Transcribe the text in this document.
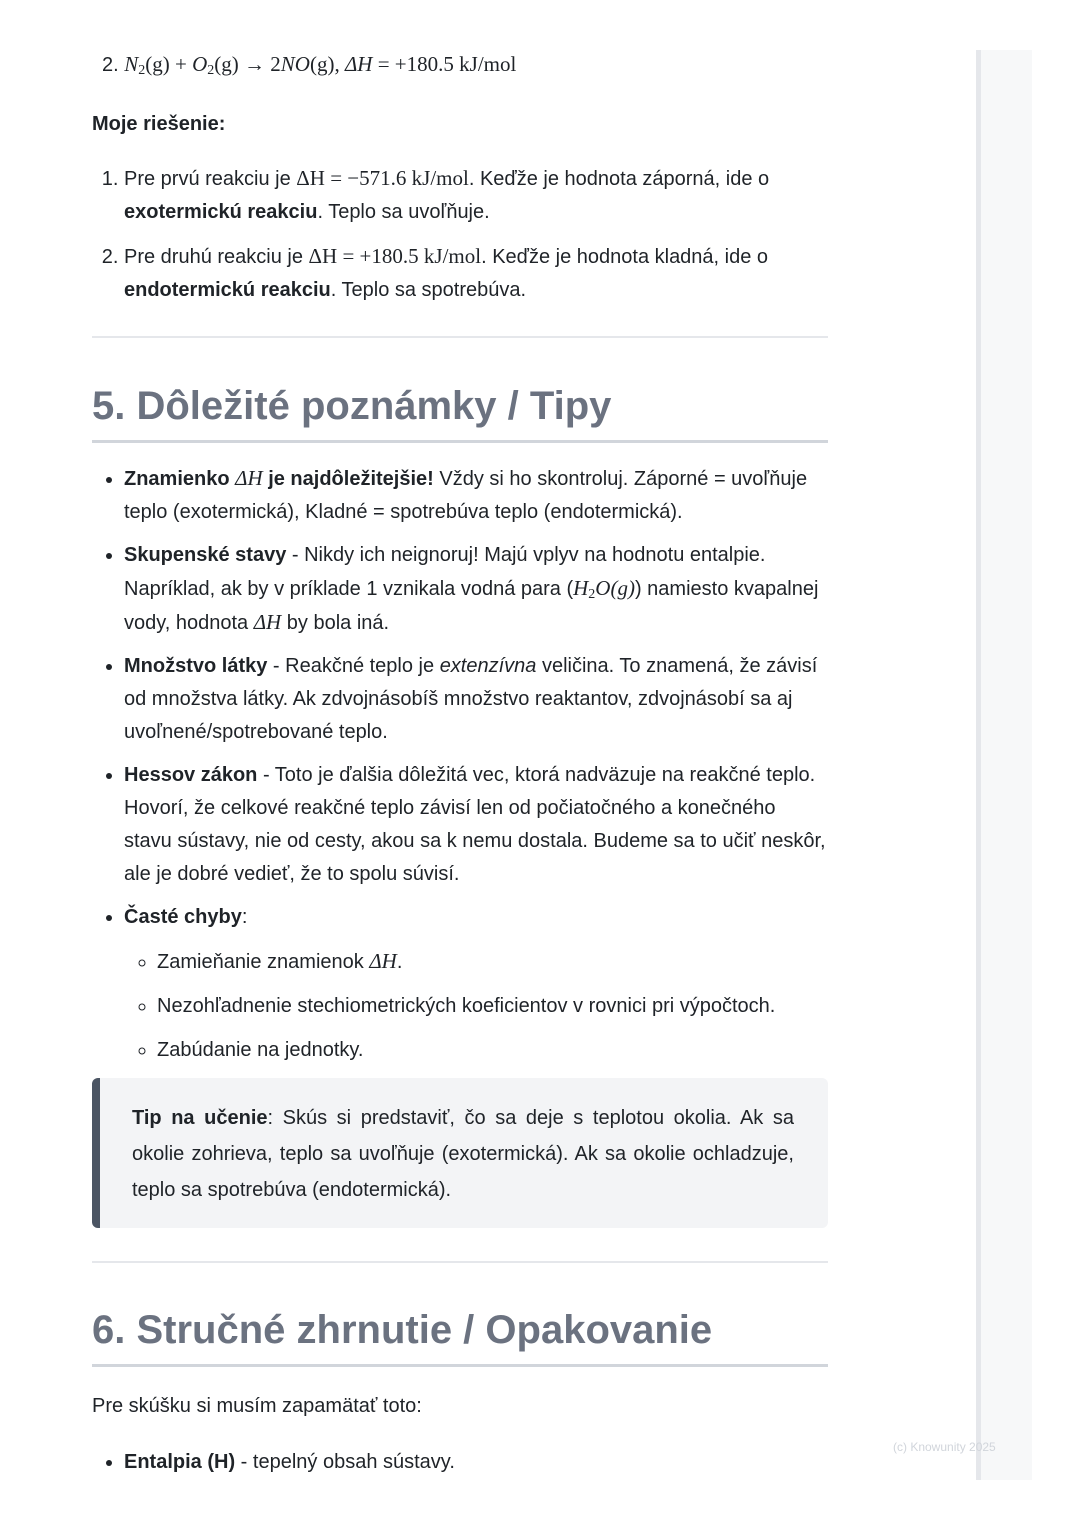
2. $N_2(g) + O_2(g) \to 2NO(g)$, ΔH = +180.5 kJ/mol

Moje riešenie:

1. Pre prvú reakciu je ΔH = −571.6 kJ/mol. Keďže je hodnota záporná, ide o exotermickú reakciu. Teplo sa uvoľňuje.
2. Pre druhú reakciu je ΔH = +180.5 kJ/mol. Keďže je hodnota kladná, ide o endotermickú reakciu. Teplo sa spotrebúva.
5. Dôležité poznámky / Tipy
• Znamienko ΔH je najdôležitejšie! Vždy si ho skontroluj. Záporné = uvoľňuje teplo (exotermická), Kladné = spotrebúva teplo (endotermická).
• Skupenské stavy - Nikdy ich neignoruj! Majú vplyv na hodnotu entalpie. Napríklad, ak by v príklade 1 vznikala vodná para $(H_2O(g))$ namiesto kvapalnej vody, hodnota ΔH by bola iná.
• Množstvo látky - Reakčné teplo je extenzívna veličina. To znamená, že závisí od množstva látky. Ak zdvojnásobíš množstvo reaktantov, zdvojnásobí sa aj uvoľnené/spotrebované teplo.
• Hessov zákon - Toto je ďalšia dôležitá vec, ktorá nadväzuje na reakčné teplo. Hovorí, že celkové reakčné teplo závisí len od počiatočného a konečného stavu sústavy, nie od cesty, akou sa k nemu dostala. Budeme sa to učiť neskôr, ale je dobré vedieť, že to spolu súvisí.
• Časté chyby:
◦ Zamieňanie znamienok ΔH.
◦ Nezohľadnenie stechiometrických koeficientov v rovnici pri výpočtoch.
◦ Zabúdanie na jednotky.

Tip na učenie: Skús si predstaviť, čo sa deje s teplotou okolia. Ak sa okolie zohrieva, teplo sa uvoľňuje (exotermická). Ak sa okolie ochladzuje, teplo sa spotrebúva (endotermická).

6. Stručné zhrnutie / Opakovanie

Pre skúšku si musím zapamätať toto:

• Entalpia (H) - tepelný obsah sústavy.
(c) Knowunity 2025
